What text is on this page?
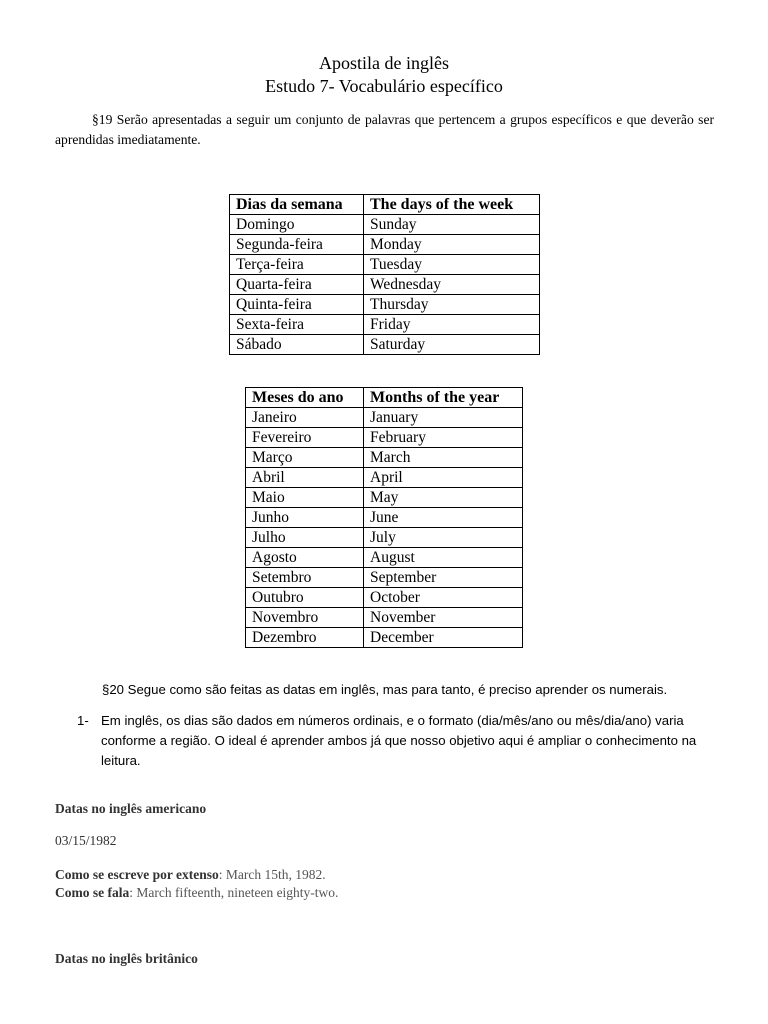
Apostila de inglês
Estudo 7- Vocabulário específico
§19 Serão apresentadas a seguir um conjunto de palavras que pertencem a grupos específicos e que deverão ser aprendidas imediatamente.
Dias da semana	The days of the week
Domingo	Sunday
Segunda-feira	Monday
Terça-feira	Tuesday
Quarta-feira	Wednesday
Quinta-feira	Thursday
Sexta-feira	Friday
Sábado	Saturday
Meses do ano	Months of the year
Janeiro	January
Fevereiro	February
Março	March
Abril	April
Maio	May
Junho	June
Julho	July
Agosto	August
Setembro	September
Outubro	October
Novembro	November
Dezembro	December
§20 Segue como são feitas as datas em inglês, mas para tanto, é preciso aprender os numerais.
1- Em inglês, os dias são dados em números ordinais, e o formato (dia/mês/ano ou mês/dia/ano) varia conforme a região. O ideal é aprender ambos já que nosso objetivo aqui é ampliar o conhecimento na leitura.
Datas no inglês americano
03/15/1982
Como se escreve por extenso: March 15th, 1982.
Como se fala: March fifteenth, nineteen eighty-two.
Datas no inglês britânico
